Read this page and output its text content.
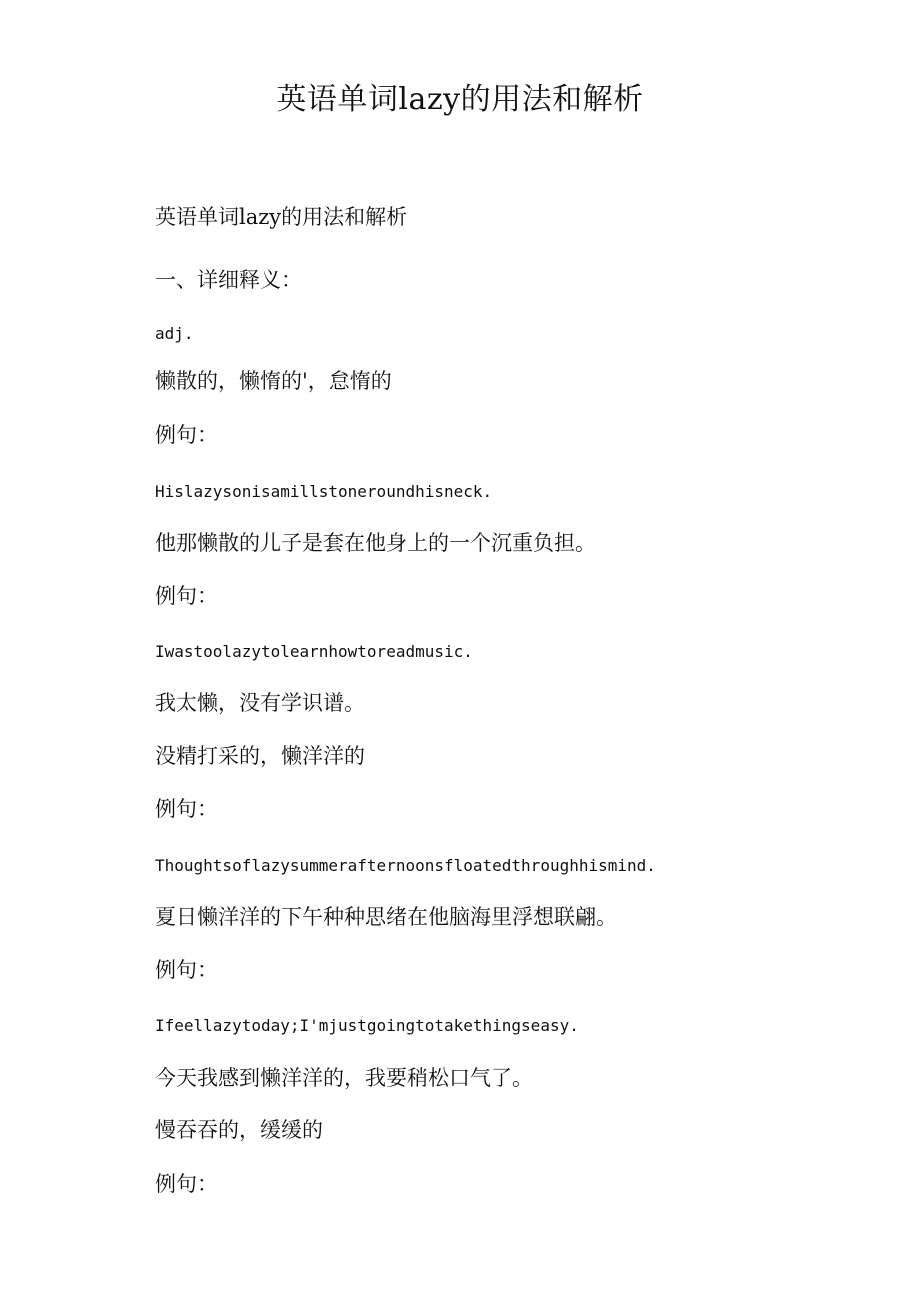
英语单词lazy的用法和解析

英语单词lazy的用法和解析

一、详细释义：

adj.

懒散的，懒惰的'，怠惰的

例句：

Hislazysonisamillstoneroundhisneck.

他那懒散的儿子是套在他身上的一个沉重负担。

例句：

Iwastoolazytolearnhowtoreadmusic.

我太懒，没有学识谱。

没精打采的，懒洋洋的

例句：

Thoughtsoflazysummerafternoonsfloatedthroughhismind.

夏日懒洋洋的下午种种思绪在他脑海里浮想联翩。

例句：

Ifeellazytoday;I'mjustgoingtotakethingseasy.

今天我感到懒洋洋的，我要稍松口气了。

慢吞吞的，缓缓的

例句：
